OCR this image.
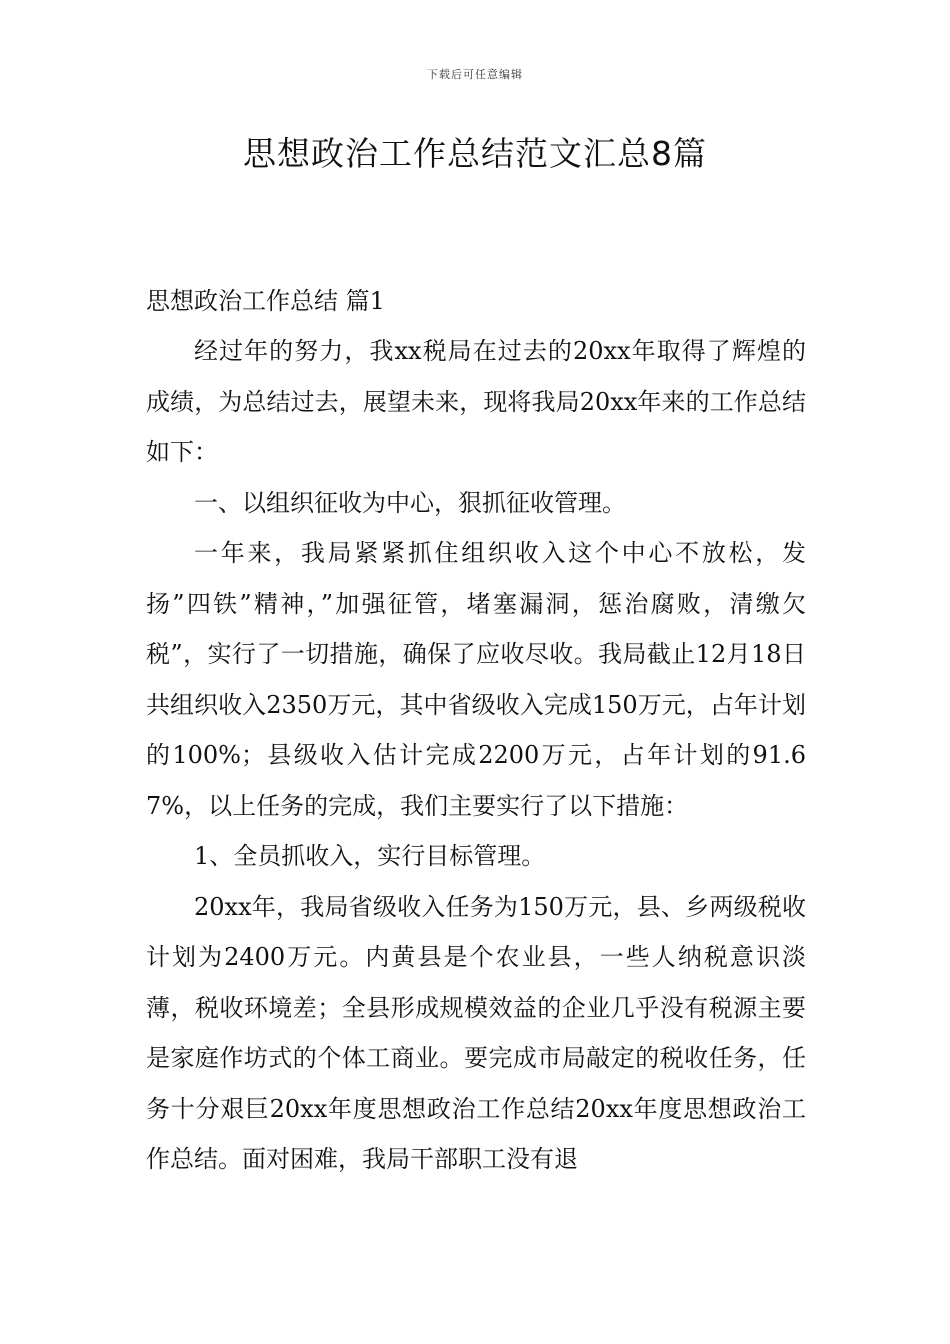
下载后可任意编辑
思想政治工作总结范文汇总8篇

思想政治工作总结 篇1

经过年的努力，我xx税局在过去的20xx年取得了辉煌的成绩，为总结过去，展望未来，现将我局20xx年来的工作总结如下：

一、以组织征收为中心，狠抓征收管理。

一年来，我局紧紧抓住组织收入这个中心不放松，发扬”四铁”精神，”加强征管，堵塞漏洞，惩治腐败，清缴欠税”，实行了一切措施，确保了应收尽收。我局截止12月18日共组织收入2350万元，其中省级收入完成150万元，占年计划的100%；县级收入估计完成2200万元，占年计划的91.67%，以上任务的完成，我们主要实行了以下措施：

1、全员抓收入，实行目标管理。

20xx年，我局省级收入任务为150万元，县、乡两级税收计划为2400万元。内黄县是个农业县，一些人纳税意识淡薄，税收环境差；全县形成规模效益的企业几乎没有税源主要是家庭作坊式的个体工商业。要完成市局敲定的税收任务，任务十分艰巨20xx年度思想政治工作总结20xx年度思想政治工作总结。面对困难，我局干部职工没有退
